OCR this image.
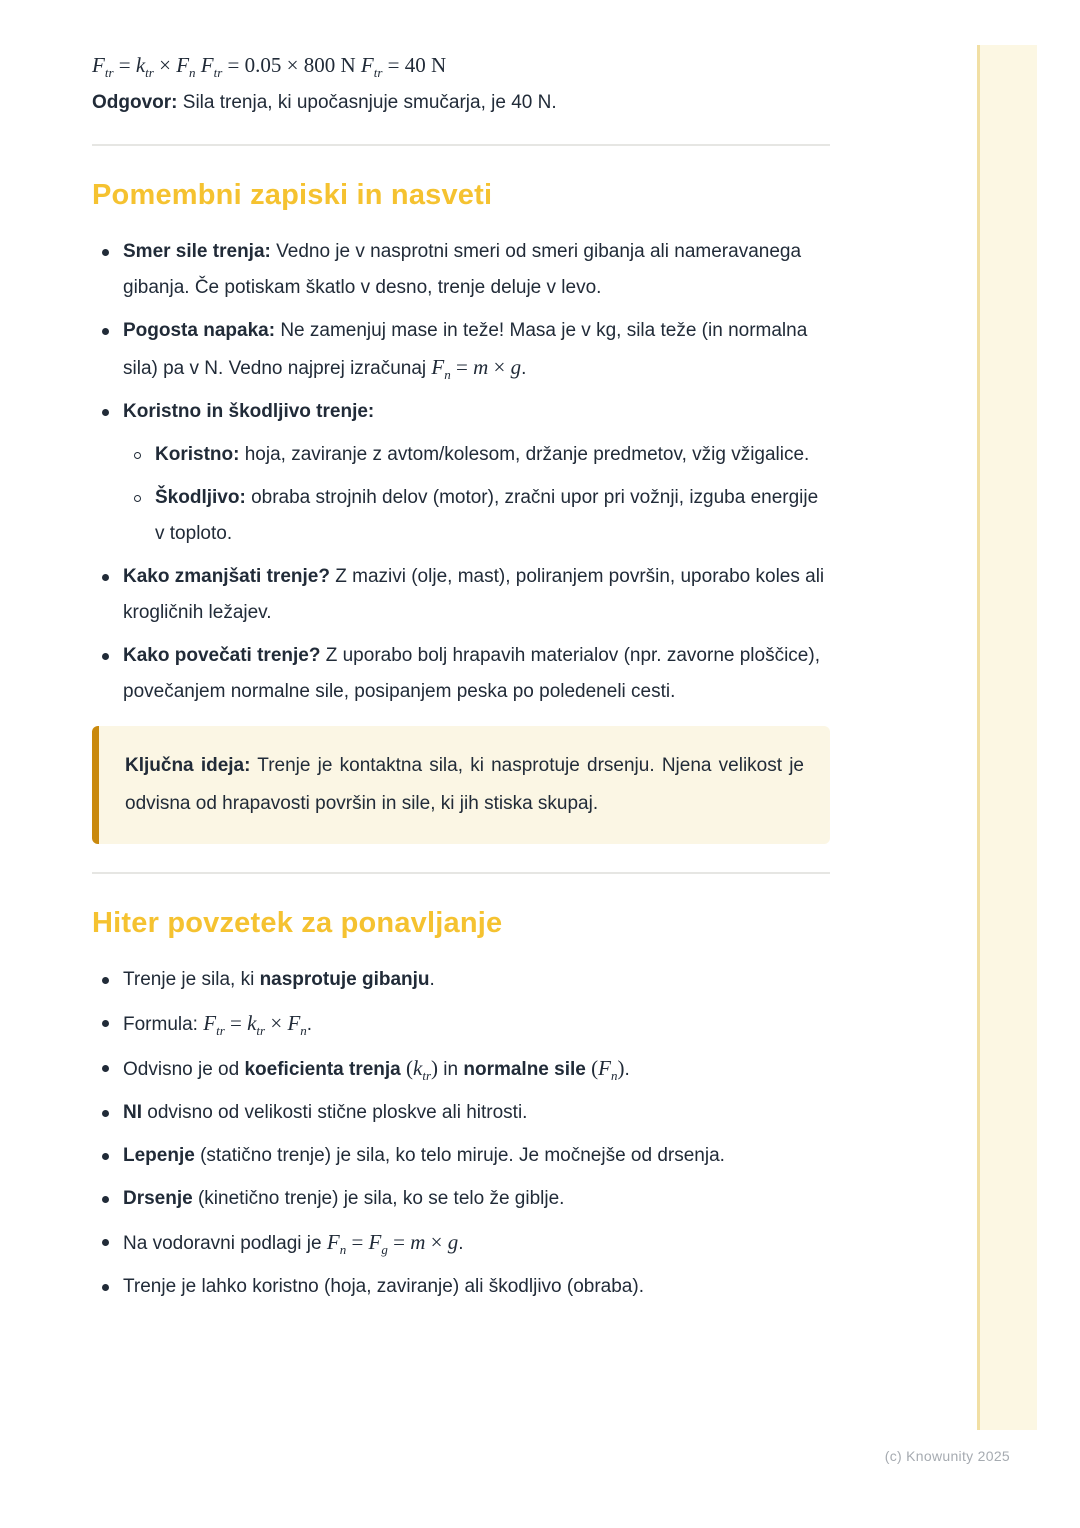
$F_{tr} = k_{tr} \times F_n$ $F_{tr} = 0.05 \times 800$ N $F_{tr} = 40$ N
Odgovor: Sila trenja, ki upočasnjuje smučarja, je 40 N.
Pomembni zapiski in nasveti
Smer sile trenja: Vedno je v nasprotni smeri od smeri gibanja ali nameravanega gibanja. Če potiskam škatlo v desno, trenje deluje v levo.
Pogosta napaka: Ne zamenjuj mase in teže! Masa je v kg, sila teže (in normalna sila) pa v N. Vedno najprej izračunaj $F_n = m \times g$.
Koristno in škodljivo trenje:
Koristno: hoja, zaviranje z avtom/kolesom, držanje predmetov, vžig vžigalice.
Škodljivo: obraba strojnih delov (motor), zračni upor pri vožnji, izguba energije v toploto.
Kako zmanjšati trenje? Z mazivi (olje, mast), poliranjem površin, uporabo koles ali krogličnih ležajev.
Kako povečati trenje? Z uporabo bolj hrapavih materialov (npr. zavorne ploščice), povečanjem normalne sile, posipanjem peska po poledeneli cesti.
Ključna ideja: Trenje je kontaktna sila, ki nasprotuje drsenju. Njena velikost je odvisna od hrapavosti površin in sile, ki jih stiska skupaj.
Hiter povzetek za ponavljanje
Trenje je sila, ki nasprotuje gibanju.
Formula: $F_{tr} = k_{tr} \times F_n$.
Odvisno je od koeficienta trenja $(k_{tr})$ in normalne sile $(F_n)$.
NI odvisno od velikosti stične ploskve ali hitrosti.
Lepenje (statično trenje) je sila, ko telo miruje. Je močnejše od drsenja.
Drsenje (kinetično trenje) je sila, ko se telo že giblje.
Na vodoravni podlagi je $F_n = F_g = m \times g$.
Trenje je lahko koristno (hoja, zaviranje) ali škodljivo (obraba).
(c) Knowunity 2025
